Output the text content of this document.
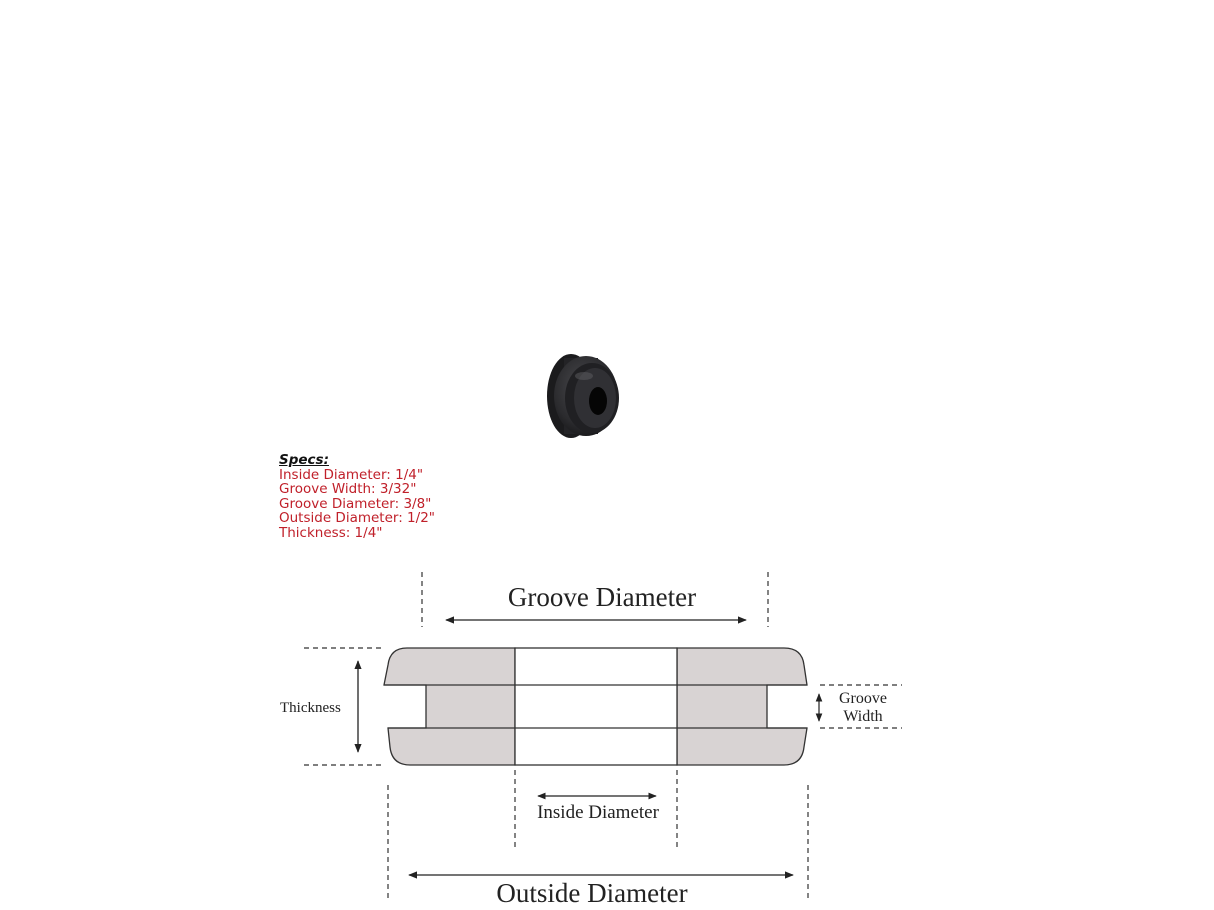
Specs:
Inside Diameter: 1/4"
Groove Width: 3/32"
Groove Diameter: 3/8"
Outside Diameter: 1/2"
Thickness: 1/4"
Groove Diameter
Thickness
Groove
Width
Inside Diameter
Outside Diameter
